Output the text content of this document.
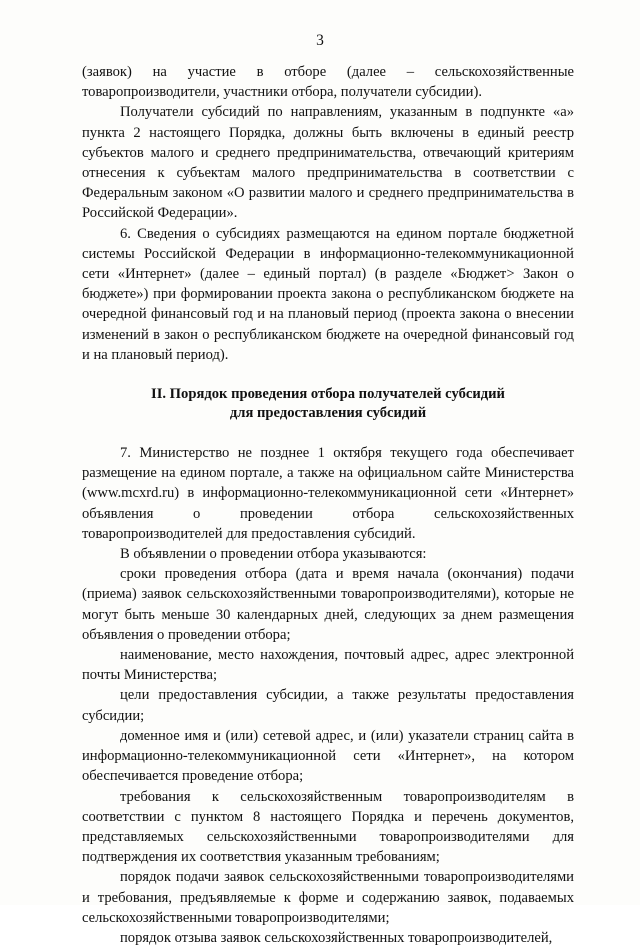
3

(заявок) на участие в отборе (далее – сельскохозяйственные товаропроизводители, участники отбора, получатели субсидии).

Получатели субсидий по направлениям, указанным в подпункте «а» пункта 2 настоящего Порядка, должны быть включены в единый реестр субъектов малого и среднего предпринимательства, отвечающий критериям отнесения к субъектам малого предпринимательства в соответствии с Федеральным законом «О развитии малого и среднего предпринимательства в Российской Федерации».

6. Сведения о субсидиях размещаются на едином портале бюджетной системы Российской Федерации в информационно-телекоммуникационной сети «Интернет» (далее – единый портал) (в разделе «Бюджет> Закон о бюджете») при формировании проекта закона о республиканском бюджете на очередной финансовый год и на плановый период (проекта закона о внесении изменений в закон о республиканском бюджете на очередной финансовый год и на плановый период).

II. Порядок проведения отбора получателей субсидий

для предоставления субсидий

7. Министерство не позднее 1 октября текущего года обеспечивает размещение на едином портале, а также на официальном сайте Министерства (www.mcxrd.ru) в информационно-телекоммуникационной сети «Интернет» объявления о проведении отбора сельскохозяйственных товаропроизводителей для предоставления субсидий.

В объявлении о проведении отбора указываются:

сроки проведения отбора (дата и время начала (окончания) подачи (приема) заявок сельскохозяйственными товаропроизводителями), которые не могут быть меньше 30 календарных дней, следующих за днем размещения объявления о проведении отбора;

наименование, место нахождения, почтовый адрес, адрес электронной почты Министерства;

цели предоставления субсидии, а также результаты предоставления субсидии;

доменное имя и (или) сетевой адрес, и (или) указатели страниц сайта в информационно-телекоммуникационной сети «Интернет», на котором обеспечивается проведение отбора;

требования к сельскохозяйственным товаропроизводителям в соответствии с пунктом 8 настоящего Порядка и перечень документов, представляемых сельскохозяйственными товаропроизводителями для подтверждения их соответствия указанным требованиям;

порядок подачи заявок сельскохозяйственными товаропроизводителями и требования, предъявляемые к форме и содержанию заявок, подаваемых сельскохозяйственными товаропроизводителями;

порядок отзыва заявок сельскохозяйственных товаропроизводителей,
